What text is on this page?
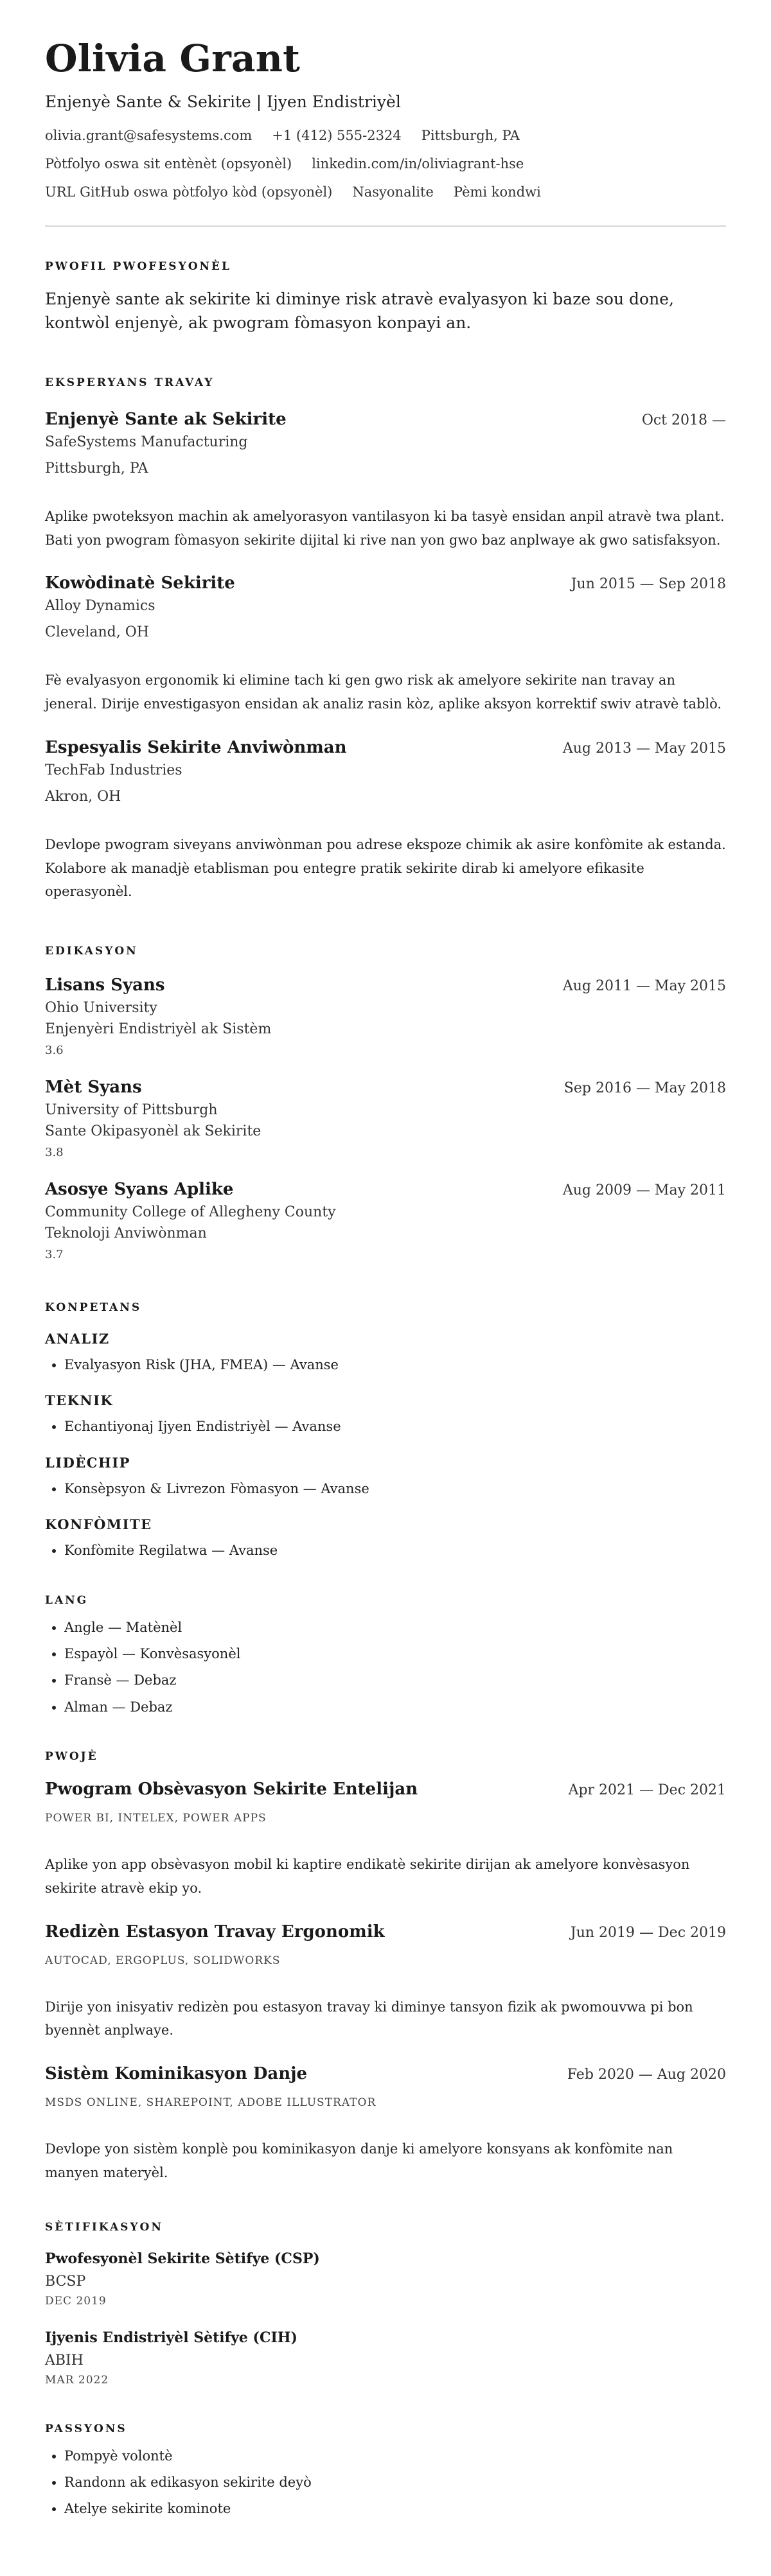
Olivia Grant
Enjenyè Sante & Sekirite | Ijyen Endistriyèl
olivia.grant@safesystems.com +1 (412) 555-2324 Pittsburgh, PA
Pòtfolyo oswa sit entènèt (opsyonèl) linkedin.com/in/oliviagrant-hse
URL GitHub oswa pòtfolyo kòd (opsyonèl) Nasyonalite Pèmi kondwi
PWOFIL PWOFESYONÈL
Enjenyè sante ak sekirite ki diminye risk atravè evalyasyon ki baze sou done, kontwòl enjenyè, ak pwogram fòmasyon konpayi an.
EKSPERYANS TRAVAY
Enjenyè Sante ak Sekirite	Oct 2018 —
SafeSystems Manufacturing
Pittsburgh, PA
Aplike pwoteksyon machin ak amelyorasyon vantilasyon ki ba tasyè ensidan anpil atravè twa plant. Bati yon pwogram fòmasyon sekirite dijital ki rive nan yon gwo baz anplwaye ak gwo satisfaksyon.
Kowòdinatè Sekirite	Jun 2015 — Sep 2018
Alloy Dynamics
Cleveland, OH
Fè evalyasyon ergonomik ki elimine tach ki gen gwo risk ak amelyore sekirite nan travay an jeneral. Dirije envestigasyon ensidan ak analiz rasin kòz, aplike aksyon korrektif swiv atravè tablò.
Espesyalis Sekirite Anviwònman	Aug 2013 — May 2015
TechFab Industries
Akron, OH
Devlope pwogram siveyans anviwònman pou adrese ekspoze chimik ak asire konfòmite ak estanda. Kolabore ak manadjè etablisman pou entegre pratik sekirite dirab ki amelyore efikasite operasyonèl.
EDIKASYON
Lisans Syans	Aug 2011 — May 2015
Ohio University
Enjenyèri Endistriyèl ak Sistèm
3.6
Mèt Syans	Sep 2016 — May 2018
University of Pittsburgh
Sante Okipasyonèl ak Sekirite
3.8
Asosye Syans Aplike	Aug 2009 — May 2011
Community College of Allegheny County
Teknoloji Anviwònman
3.7
KONPETANS
ANALIZ
• Evalyasyon Risk (JHA, FMEA) — Avanse
TEKNIK
• Echantiyonaj Ijyen Endistriyèl — Avanse
LIDÈCHIP
• Konsèpsyon & Livrezon Fòmasyon — Avanse
KONFÒMITE
• Konfòmite Regilatwa — Avanse
LANG
• Angle — Matènèl
• Espayòl — Konvèsasyonèl
• Fransè — Debaz
• Alman — Debaz
PWOJÈ
Pwogram Obsèvasyon Sekirite Entelijan	Apr 2021 — Dec 2021
POWER BI, INTELEX, POWER APPS
Aplike yon app obsèvasyon mobil ki kaptire endikatè sekirite dirijan ak amelyore konvèsasyon sekirite atravè ekip yo.
Redizèn Estasyon Travay Ergonomik	Jun 2019 — Dec 2019
AUTOCAD, ERGOPLUS, SOLIDWORKS
Dirije yon inisyativ redizèn pou estasyon travay ki diminye tansyon fizik ak pwomouvwa pi bon byennèt anplwaye.
Sistèm Kominikasyon Danje	Feb 2020 — Aug 2020
MSDS ONLINE, SHAREPOINT, ADOBE ILLUSTRATOR
Devlope yon sistèm konplè pou kominikasyon danje ki amelyore konsyans ak konfòmite nan manyen materyèl.
SÈTIFIKASYON
Pwofesyonèl Sekirite Sètifye (CSP)
BCSP
DEC 2019
Ijyenis Endistriyèl Sètifye (CIH)
ABIH
MAR 2022
PASSYONS
• Pompyè volontè
• Randonn ak edikasyon sekirite deyò
• Atelye sekirite kominote
